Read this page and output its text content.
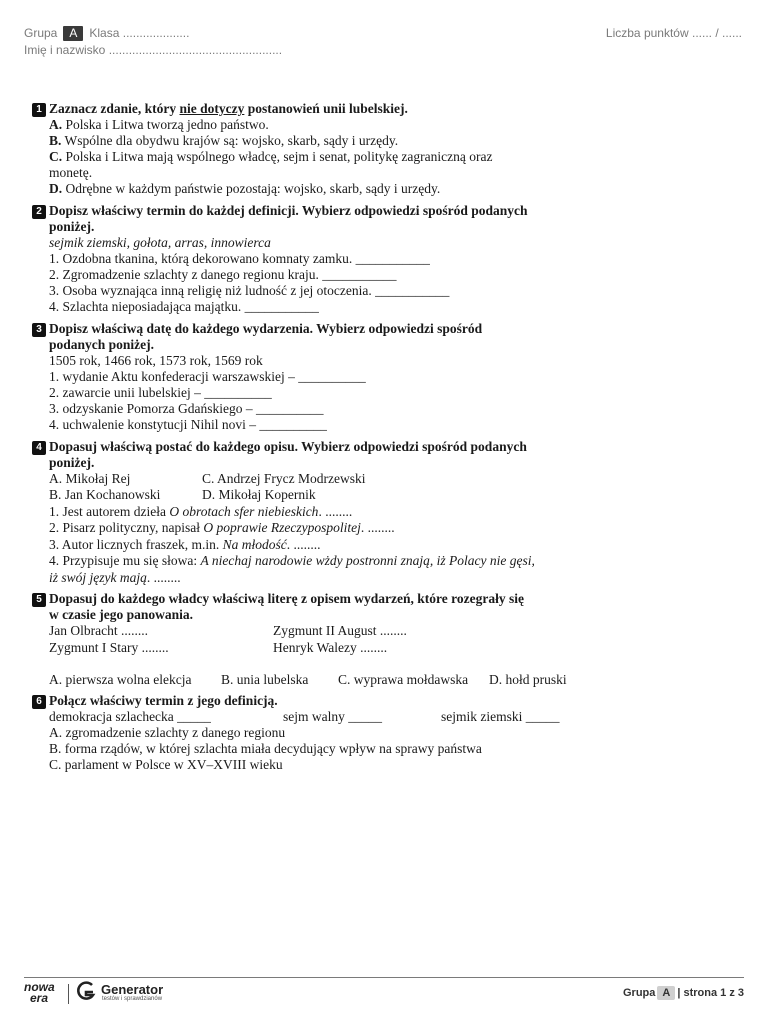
Grupa A Klasa ....................
Imię i nazwisko ....................................................
Liczba punktów ...... / ......
1 Zaznacz zdanie, który nie dotyczy postanowień unii lubelskiej.
A. Polska i Litwa tworzą jedno państwo.
B. Wspólne dla obydwu krajów są: wojsko, skarb, sądy i urzędy.
C. Polska i Litwa mają wspólnego władcę, sejm i senat, politykę zagraniczną oraz
monetę.
D. Odrębne w każdym państwie pozostają: wojsko, skarb, sądy i urzędy.
2 Dopisz właściwy termin do każdej definicji. Wybierz odpowiedzi spośród podanych
poniżej.
sejmik ziemski, gołota, arras, innowierca
1. Ozdobna tkanina, którą dekorowano komnaty zamku. ___________
2. Zgromadzenie szlachty z danego regionu kraju. ___________
3. Osoba wyznająca inną religię niż ludność z jej otoczenia. ___________
4. Szlachta nieposiadająca majątku. ___________
3 Dopisz właściwą datę do każdego wydarzenia. Wybierz odpowiedzi spośród
podanych poniżej.
1505 rok, 1466 rok, 1573 rok, 1569 rok
1. wydanie Aktu konfederacji warszawskiej – __________
2. zawarcie unii lubelskiej – __________
3. odzyskanie Pomorza Gdańskiego – __________
4. uchwalenie konstytucji Nihil novi – __________
4 Dopasuj właściwą postać do każdego opisu. Wybierz odpowiedzi spośród podanych
poniżej.
A. Mikołaj Rej	C. Andrzej Frycz Modrzewski
B. Jan Kochanowski	D. Mikołaj Kopernik
1. Jest autorem dzieła O obrotach sfer niebieskich. ........
2. Pisarz polityczny, napisał O poprawie Rzeczypospolitej. ........
3. Autor licznych fraszek, m.in. Na młodość. ........
4. Przypisuje mu się słowa: A niechaj narodowie wżdy postronni znają, iż Polacy nie gęsi,
iż swój język mają. ........
5 Dopasuj do każdego władcy właściwą literę z opisem wydarzeń, które rozegrały się
w czasie jego panowania.
Jan Olbracht ........	Zygmunt II August ........
Zygmunt I Stary ........	Henryk Walezy ........
A. pierwsza wolna elekcja B. unia lubelska C. wyprawa mołdawska D. hołd pruski
6 Połącz właściwy termin z jego definicją.
demokracja szlachecka _____	sejm walny _____	sejmik ziemski _____
A. zgromadzenie szlachty z danego regionu
B. forma rządów, w której szlachta miała decydujący wpływ na sprawy państwa
C. parlament w Polsce w XV–XVIII wieku
nowa
era
Generator
testów i sprawdzianów	Grupa A | strona 1 z 3
